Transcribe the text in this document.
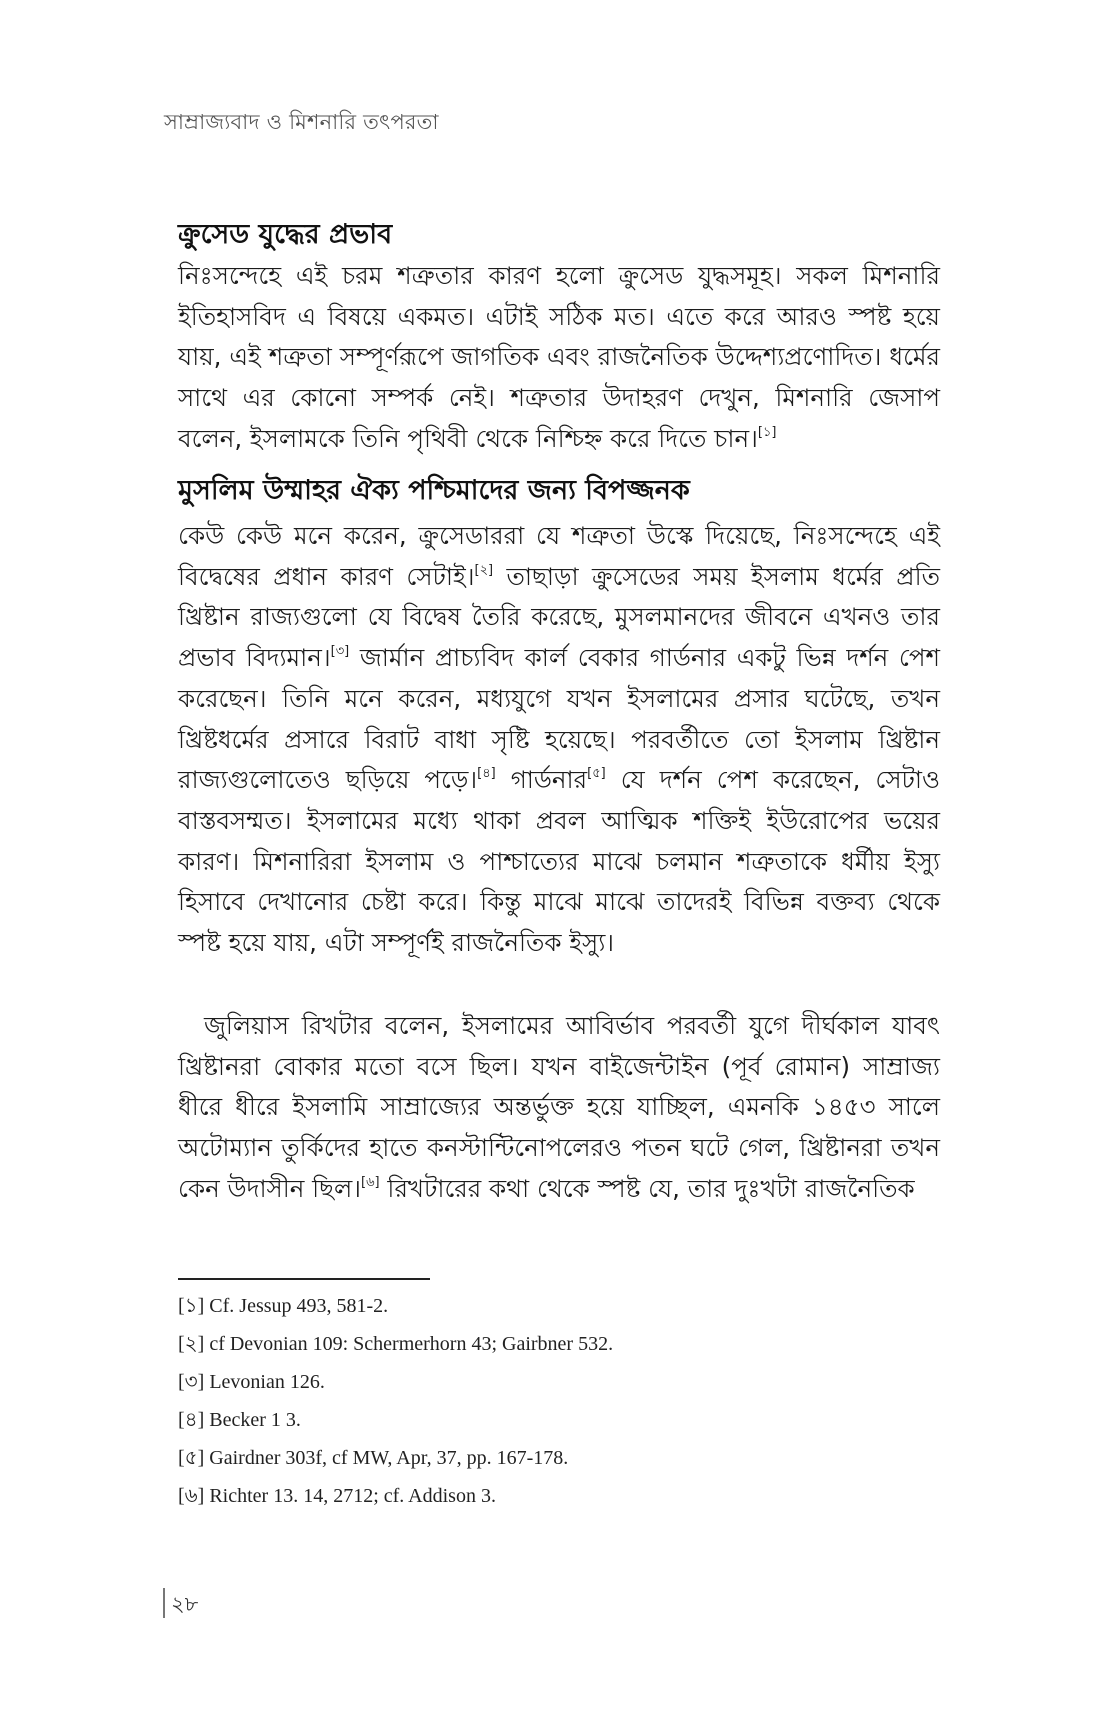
সাম্রাজ্যবাদ ও মিশনারি তৎপরতা
ক্রুসেড যুদ্ধের প্রভাব

নিঃসন্দেহে এই চরম শত্রুতার কারণ হলো ক্রুসেড যুদ্ধসমূহ। সকল মিশনারি ইতিহাসবিদ এ বিষয়ে একমত। এটাই সঠিক মত। এতে করে আরও স্পষ্ট হয়ে যায়, এই শত্রুতা সম্পূর্ণরূপে জাগতিক এবং রাজনৈতিক উদ্দেশ্যপ্রণোদিত। ধর্মের সাথে এর কোনো সম্পর্ক নেই। শত্রুতার উদাহরণ দেখুন, মিশনারি জেসাপ বলেন, ইসলামকে তিনি পৃথিবী থেকে নিশ্চিহ্ন করে দিতে চান।[১]

মুসলিম উম্মাহর ঐক্য পশ্চিমাদের জন্য বিপজ্জনক

কেউ কেউ মনে করেন, ক্রুসেডাররা যে শত্রুতা উস্কে দিয়েছে, নিঃসন্দেহে এই বিদ্বেষের প্রধান কারণ সেটাই।[২] তাছাড়া ক্রুসেডের সময় ইসলাম ধর্মের প্রতি খ্রিষ্টান রাজ্যগুলো যে বিদ্বেষ তৈরি করেছে, মুসলমানদের জীবনে এখনও তার প্রভাব বিদ্যমান।[৩] জার্মান প্রাচ্যবিদ কার্ল বেকার গার্ডনার একটু ভিন্ন দর্শন পেশ করেছেন। তিনি মনে করেন, মধ্যযুগে যখন ইসলামের প্রসার ঘটেছে, তখন খ্রিষ্টধর্মের প্রসারে বিরাট বাধা সৃষ্টি হয়েছে। পরবর্তীতে তো ইসলাম খ্রিষ্টান রাজ্যগুলোতেও ছড়িয়ে পড়ে।[৪] গার্ডনার[৫] যে দর্শন পেশ করেছেন, সেটাও বাস্তবসম্মত। ইসলামের মধ্যে থাকা প্রবল আত্মিক শক্তিই ইউরোপের ভয়ের কারণ। মিশনারিরা ইসলাম ও পাশ্চাত্যের মাঝে চলমান শত্রুতাকে ধর্মীয় ইস্যু হিসাবে দেখানোর চেষ্টা করে। কিন্তু মাঝে মাঝে তাদেরই বিভিন্ন বক্তব্য থেকে স্পষ্ট হয়ে যায়, এটা সম্পূর্ণই রাজনৈতিক ইস্যু।

জুলিয়াস রিখটার বলেন, ইসলামের আবির্ভাব পরবর্তী যুগে দীর্ঘকাল যাবৎ খ্রিষ্টানরা বোকার মতো বসে ছিল। যখন বাইজেন্টাইন (পূর্ব রোমান) সাম্রাজ্য ধীরে ধীরে ইসলামি সাম্রাজ্যের অন্তর্ভুক্ত হয়ে যাচ্ছিল, এমনকি ১৪৫৩ সালে অটোম্যান তুর্কিদের হাতে কনস্টান্টিনোপলেরও পতন ঘটে গেল, খ্রিষ্টানরা তখন কেন উদাসীন ছিল।[৬] রিখটারের কথা থেকে স্পষ্ট যে, তার দুঃখটা রাজনৈতিক

[১] Cf. Jessup 493, 581-2.
[২] cf Devonian 109: Schermerhorn 43; Gairbner 532.
[৩] Levonian 126.
[৪] Becker 1 3.
[৫] Gairdner 303f, cf MW, Apr, 37, pp. 167-178.
[৬] Richter 13. 14, 2712; cf. Addison 3.
২৮
